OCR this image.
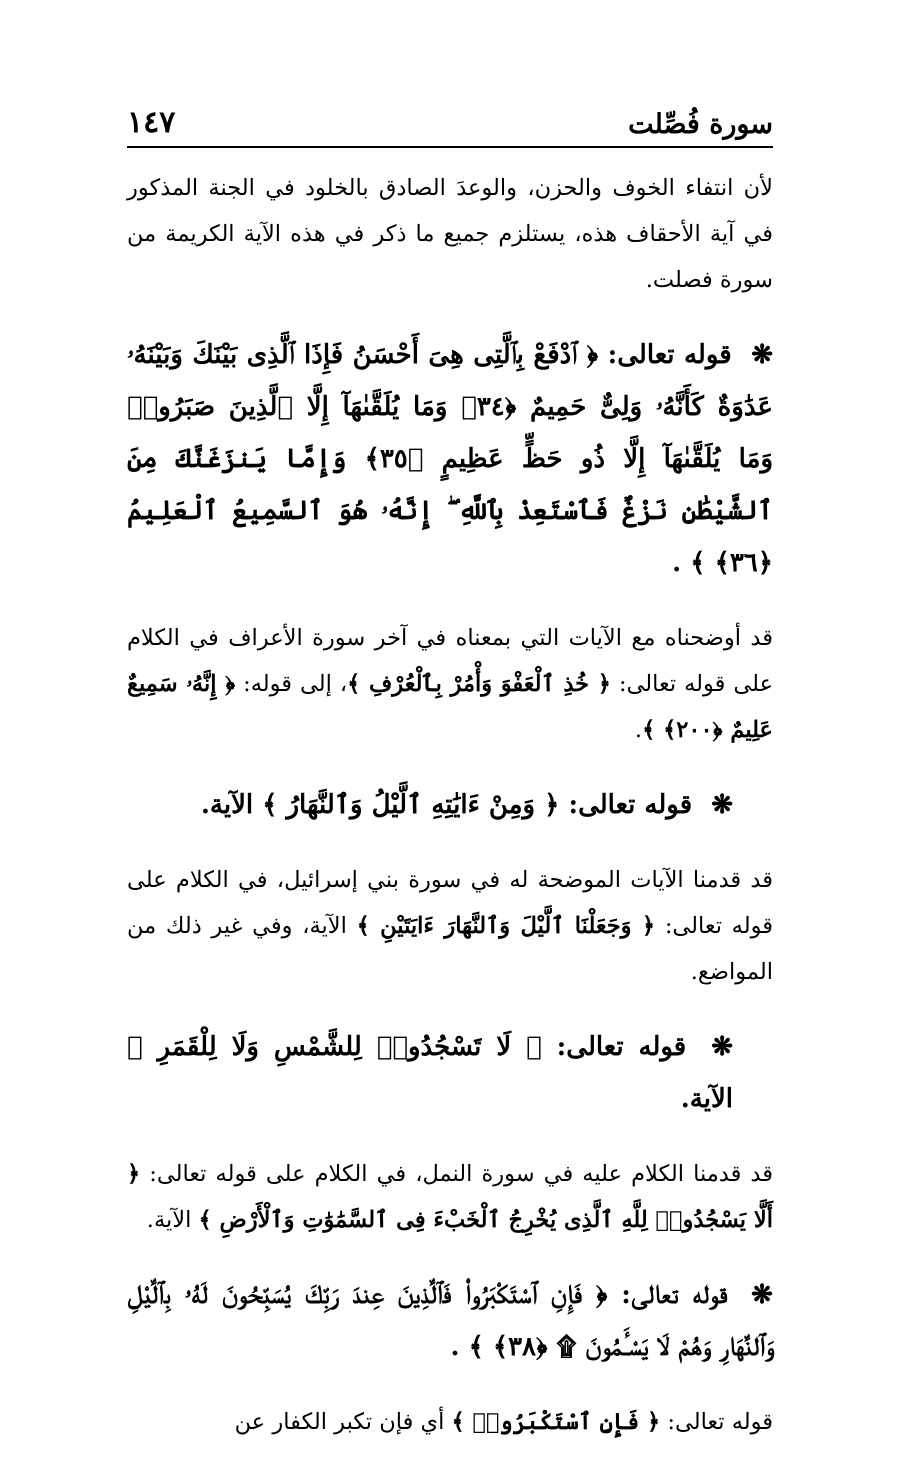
سورة فُصِّلت
١٤٧

لأن انتفاء الخوف والحزن، والوعدَ الصادق بالخلود في الجنة المذكور في آية الأحقاف هذه، يستلزم جميع ما ذكر في هذه الآية الكريمة من سورة فصلت.

❋ قوله تعالى: ﴿ ٱدْفَعْ بِٱلَّتِى هِىَ أَحْسَنُ فَإِذَا ٱلَّذِى بَيْنَكَ وَبَيْنَهُۥ عَدَٰوَةٌ كَأَنَّهُۥ وَلِىٌّ حَمِيمٌ ﴿٣٤﴾ وَمَا يُلَقَّىٰهَآ إِلَّا ٱلَّذِينَ صَبَرُوا۟ وَمَا يُلَقَّىٰهَآ إِلَّا ذُو حَظٍّ عَظِيمٍ ﴿٣٥﴾ وَإِمَّا يَنزَغَنَّكَ مِنَ ٱلشَّيْطَٰنِ نَزْغٌ فَٱسْتَعِذْ بِٱللَّهِ ۖ إِنَّهُۥ هُوَ ٱلسَّمِيعُ ٱلْعَلِيمُ ﴿٣٦﴾ ﴾ .

قد أوضحناه مع الآيات التي بمعناه في آخر سورة الأعراف في الكلام على قوله تعالى: ﴿ خُذِ ٱلْعَفْوَ وَأْمُرْ بِٱلْعُرْفِ ﴾، إلى قوله: ﴿ إِنَّهُۥ سَمِيعٌ عَلِيمٌ ﴿٢٠٠﴾ ﴾.

❋ قوله تعالى: ﴿ وَمِنْ ءَايَٰتِهِ ٱلَّيْلُ وَٱلنَّهَارُ ﴾ الآية.

قد قدمنا الآيات الموضحة له في سورة بني إسرائيل، في الكلام على قوله تعالى: ﴿ وَجَعَلْنَا ٱلَّيْلَ وَٱلنَّهَارَ ءَايَتَيْنِ ﴾ الآية، وفي غير ذلك من المواضع.

❋ قوله تعالى: ﴿ لَا تَسْجُدُوا۟ لِلشَّمْسِ وَلَا لِلْقَمَرِ ﴾ الآية.

قد قدمنا الكلام عليه في سورة النمل، في الكلام على قوله تعالى: ﴿ أَلَّا يَسْجُدُوا۟ لِلَّهِ ٱلَّذِى يُخْرِجُ ٱلْخَبْءَ فِى ٱلسَّمَٰوَٰتِ وَٱلْأَرْضِ ﴾ الآية.

❋ قوله تعالى: ﴿ فَإِنِ ٱسْتَكْبَرُوا۟ فَٱلَّذِينَ عِندَ رَبِّكَ يُسَبِّحُونَ لَهُۥ بِٱلَّيْلِ وَٱلنَّهَارِ وَهُمْ لَا يَسْـَٔمُونَ ۩ ﴿٣٨﴾ ﴾ .

قوله تعالى: ﴿ فَإِنِ ٱسْتَكْبَرُوا۟ ﴾ أي فإن تكبر الكفار عن
